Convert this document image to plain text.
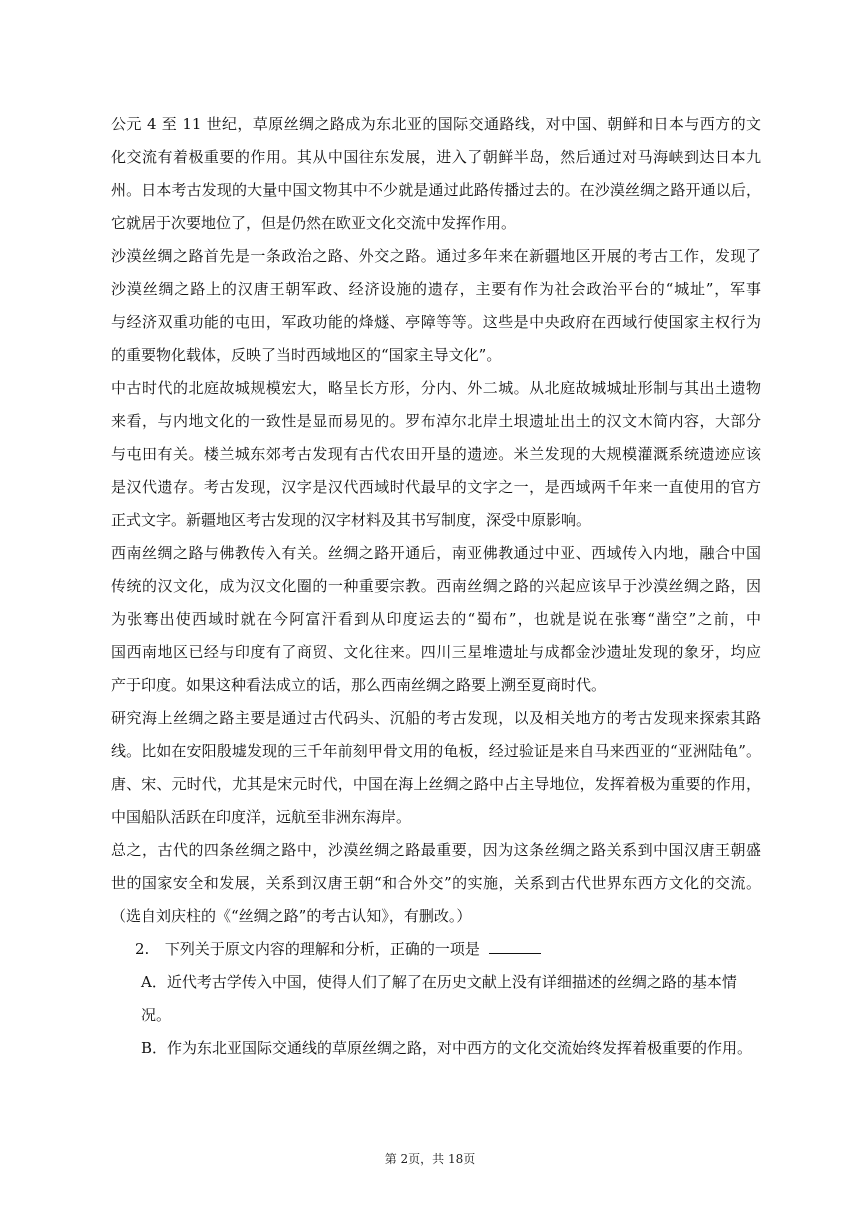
公元 4 至 11 世纪，草原丝绸之路成为东北亚的国际交通路线，对中国、朝鲜和日本与西方的文
化交流有着极重要的作用。其从中国往东发展，进入了朝鲜半岛，然后通过对马海峡到达日本九
州。日本考古发现的大量中国文物其中不少就是通过此路传播过去的。在沙漠丝绸之路开通以后，
它就居于次要地位了，但是仍然在欧亚文化交流中发挥作用。
沙漠丝绸之路首先是一条政治之路、外交之路。通过多年来在新疆地区开展的考古工作，发现了
沙漠丝绸之路上的汉唐王朝军政、经济设施的遗存，主要有作为社会政治平台的“城址”，军事
与经济双重功能的屯田，军政功能的烽燧、亭障等等。这些是中央政府在西域行使国家主权行为
的重要物化载体，反映了当时西域地区的“国家主导文化”。
中古时代的北庭故城规模宏大，略呈长方形，分内、外二城。从北庭故城城址形制与其出土遗物
来看，与内地文化的一致性是显而易见的。罗布淖尔北岸土垠遗址出土的汉文木简内容，大部分
与屯田有关。楼兰城东郊考古发现有古代农田开垦的遗迹。米兰发现的大规模灌溉系统遗迹应该
是汉代遗存。考古发现，汉字是汉代西域时代最早的文字之一，是西域两千年来一直使用的官方
正式文字。新疆地区考古发现的汉字材料及其书写制度，深受中原影响。
西南丝绸之路与佛教传入有关。丝绸之路开通后，南亚佛教通过中亚、西域传入内地，融合中国
传统的汉文化，成为汉文化圈的一种重要宗教。西南丝绸之路的兴起应该早于沙漠丝绸之路，因
为张骞出使西域时就在今阿富汗看到从印度运去的“蜀布”，也就是说在张骞“凿空”之前，中
国西南地区已经与印度有了商贸、文化往来。四川三星堆遗址与成都金沙遗址发现的象牙，均应
产于印度。如果这种看法成立的话，那么西南丝绸之路要上溯至夏商时代。
研究海上丝绸之路主要是通过古代码头、沉船的考古发现，以及相关地方的考古发现来探索其路
线。比如在安阳殷墟发现的三千年前刻甲骨文用的龟板，经过验证是来自马来西亚的“亚洲陆龟”。
唐、宋、元时代，尤其是宋元时代，中国在海上丝绸之路中占主导地位，发挥着极为重要的作用，
中国船队活跃在印度洋，远航至非洲东海岸。
总之，古代的四条丝绸之路中，沙漠丝绸之路最重要，因为这条丝绸之路关系到中国汉唐王朝盛
世的国家安全和发展，关系到汉唐王朝“和合外交”的实施，关系到古代世界东西方文化的交流。
（选自刘庆柱的《“丝绸之路”的考古认知》，有删改。）
2. 下列关于原文内容的理解和分析，正确的一项是
A．近代考古学传入中国，使得人们了解了在历史文献上没有详细描述的丝绸之路的基本情
况。
B．作为东北亚国际交通线的草原丝绸之路，对中西方的文化交流始终发挥着极重要的作用。
第 2页，共 18页
